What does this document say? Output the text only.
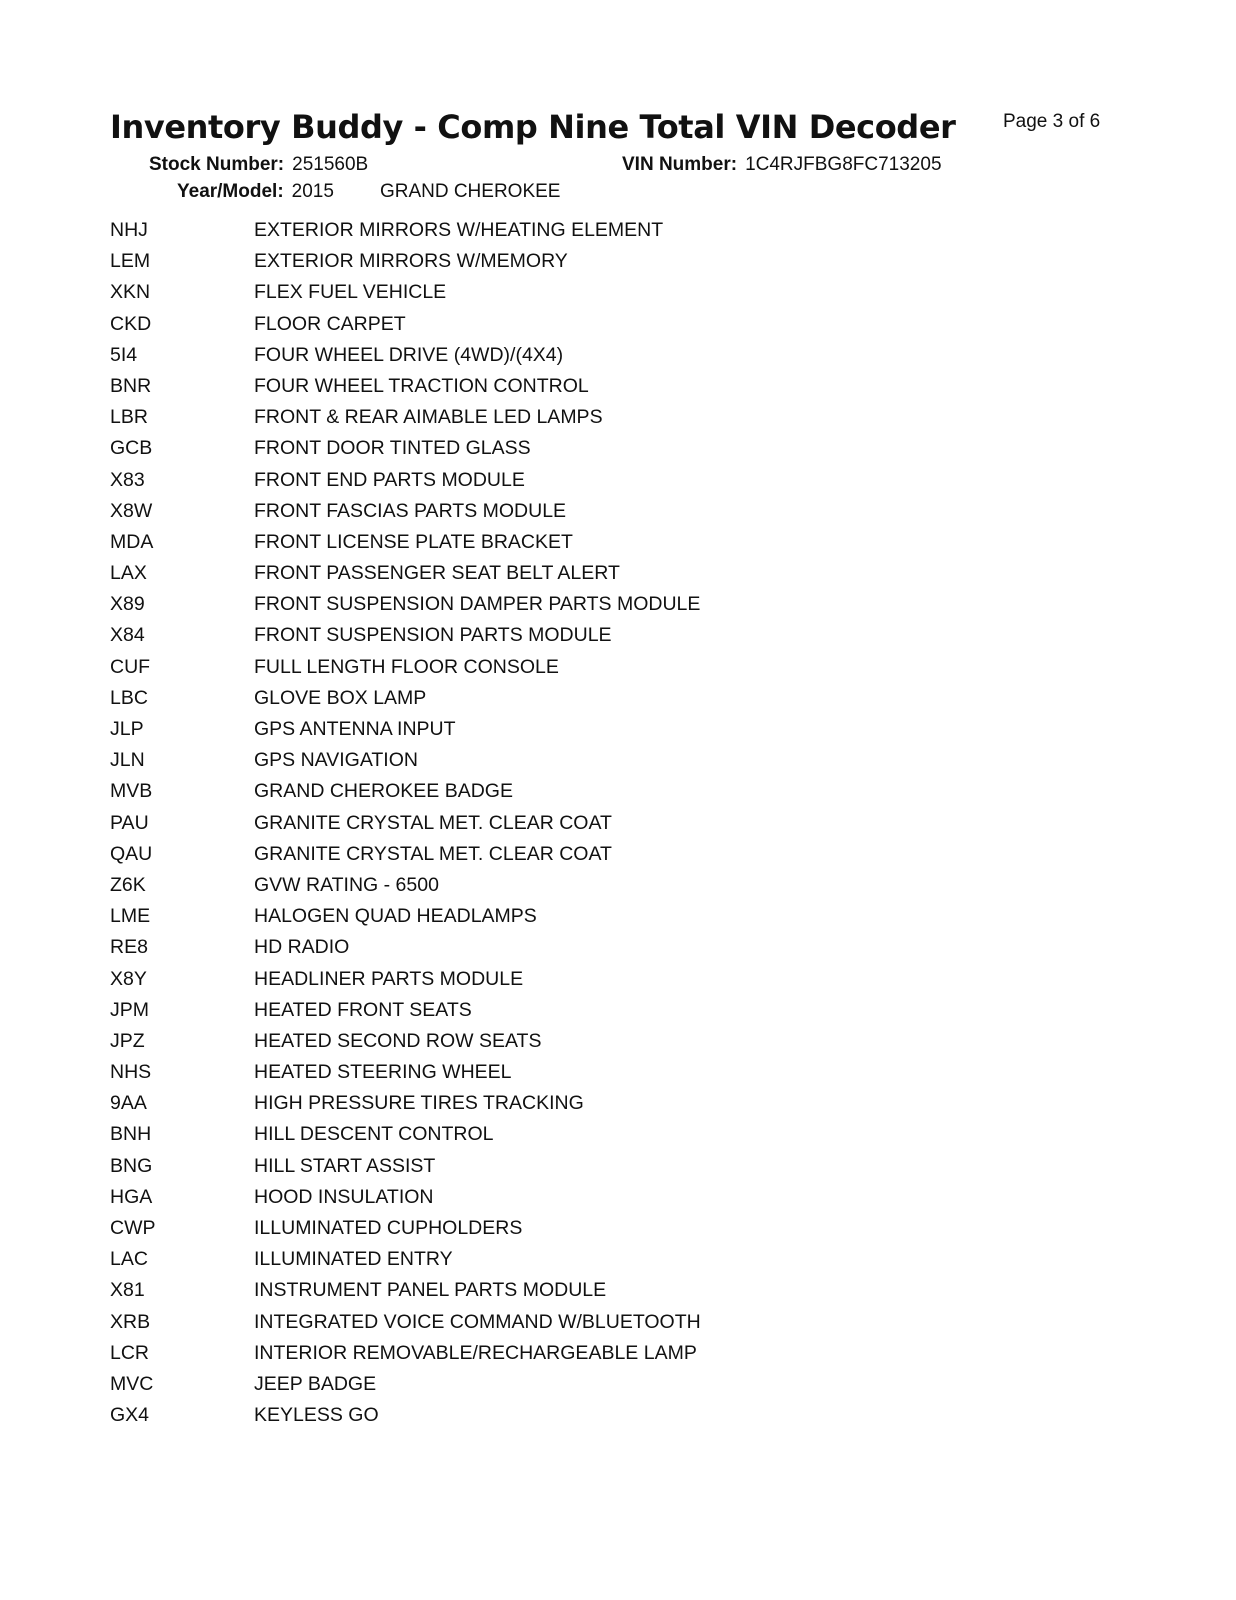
Inventory Buddy - Comp Nine Total VIN Decoder Page 3 of 6
Stock Number: 251560B	VIN Number: 1C4RJFBG8FC713205
Year/Model: 2015 GRAND CHEROKEE
NHJ	EXTERIOR MIRRORS W/HEATING ELEMENT
LEM	EXTERIOR MIRRORS W/MEMORY
XKN	FLEX FUEL VEHICLE
CKD	FLOOR CARPET
5I4	FOUR WHEEL DRIVE (4WD)/(4X4)
BNR	FOUR WHEEL TRACTION CONTROL
LBR	FRONT & REAR AIMABLE LED LAMPS
GCB	FRONT DOOR TINTED GLASS
X83	FRONT END PARTS MODULE
X8W	FRONT FASCIAS PARTS MODULE
MDA	FRONT LICENSE PLATE BRACKET
LAX	FRONT PASSENGER SEAT BELT ALERT
X89	FRONT SUSPENSION DAMPER PARTS MODULE
X84	FRONT SUSPENSION PARTS MODULE
CUF	FULL LENGTH FLOOR CONSOLE
LBC	GLOVE BOX LAMP
JLP	GPS ANTENNA INPUT
JLN	GPS NAVIGATION
MVB	GRAND CHEROKEE BADGE
PAU	GRANITE CRYSTAL MET. CLEAR COAT
QAU	GRANITE CRYSTAL MET. CLEAR COAT
Z6K	GVW RATING - 6500
LME	HALOGEN QUAD HEADLAMPS
RE8	HD RADIO
X8Y	HEADLINER PARTS MODULE
JPM	HEATED FRONT SEATS
JPZ	HEATED SECOND ROW SEATS
NHS	HEATED STEERING WHEEL
9AA	HIGH PRESSURE TIRES TRACKING
BNH	HILL DESCENT CONTROL
BNG	HILL START ASSIST
HGA	HOOD INSULATION
CWP	ILLUMINATED CUPHOLDERS
LAC	ILLUMINATED ENTRY
X81	INSTRUMENT PANEL PARTS MODULE
XRB	INTEGRATED VOICE COMMAND W/BLUETOOTH
LCR	INTERIOR REMOVABLE/RECHARGEABLE LAMP
MVC	JEEP BADGE
GX4	KEYLESS GO
